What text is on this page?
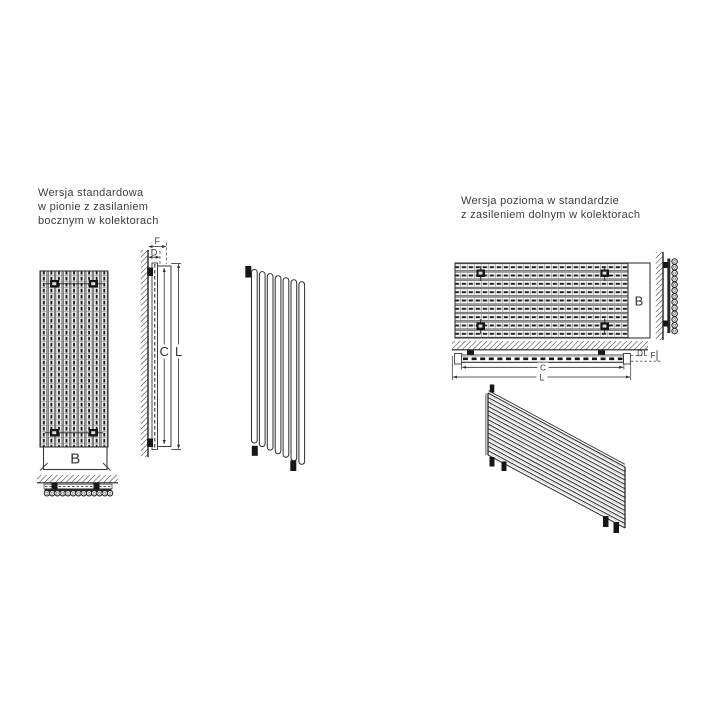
Wersja standardowa
w pionie z zasilaniem
bocznym w kolektorach
Wersja pozioma w standardzie
z zasileniem dolnym w kolektorach
B
F
D
C L
B
D F
C
L
